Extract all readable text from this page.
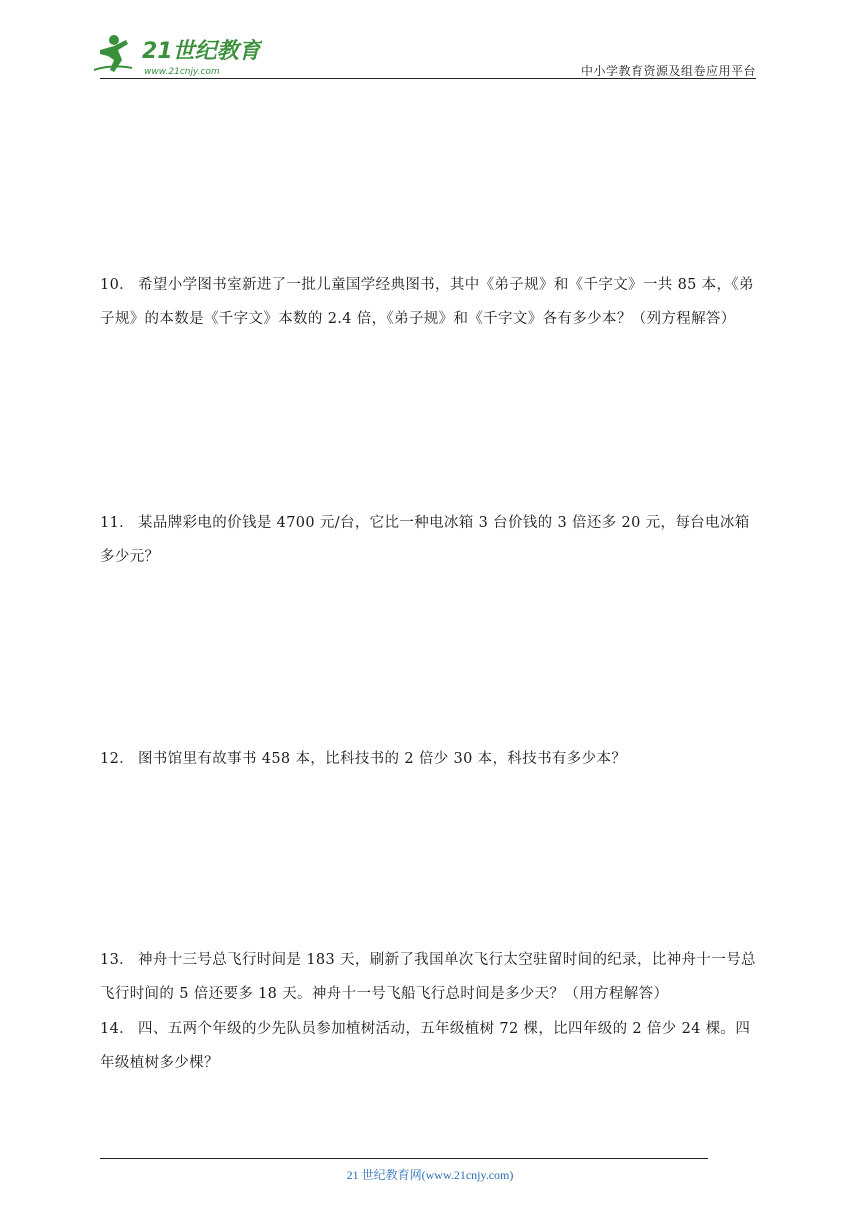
21世纪教育
www.21cnjy.com	中小学教育资源及组卷应用平台
10． 希望小学图书室新进了一批儿童国学经典图书，其中《弟子规》和《千字文》一共 85 本，《弟子规》的本数是《千字文》本数的 2.4 倍，《弟子规》和《千字文》各有多少本？（列方程解答）
11． 某品牌彩电的价钱是 4700 元/台，它比一种电冰箱 3 台价钱的 3 倍还多 20 元，每台电冰箱多少元？
12． 图书馆里有故事书 458 本，比科技书的 2 倍少 30 本，科技书有多少本？
13． 神舟十三号总飞行时间是 183 天，刷新了我国单次飞行太空驻留时间的纪录，比神舟十一号总飞行时间的 5 倍还要多 18 天。神舟十一号飞船飞行总时间是多少天？（用方程解答）
14． 四、五两个年级的少先队员参加植树活动，五年级植树 72 棵，比四年级的 2 倍少 24 棵。四年级植树多少棵？
21 世纪教育网(www.21cnjy.com)
